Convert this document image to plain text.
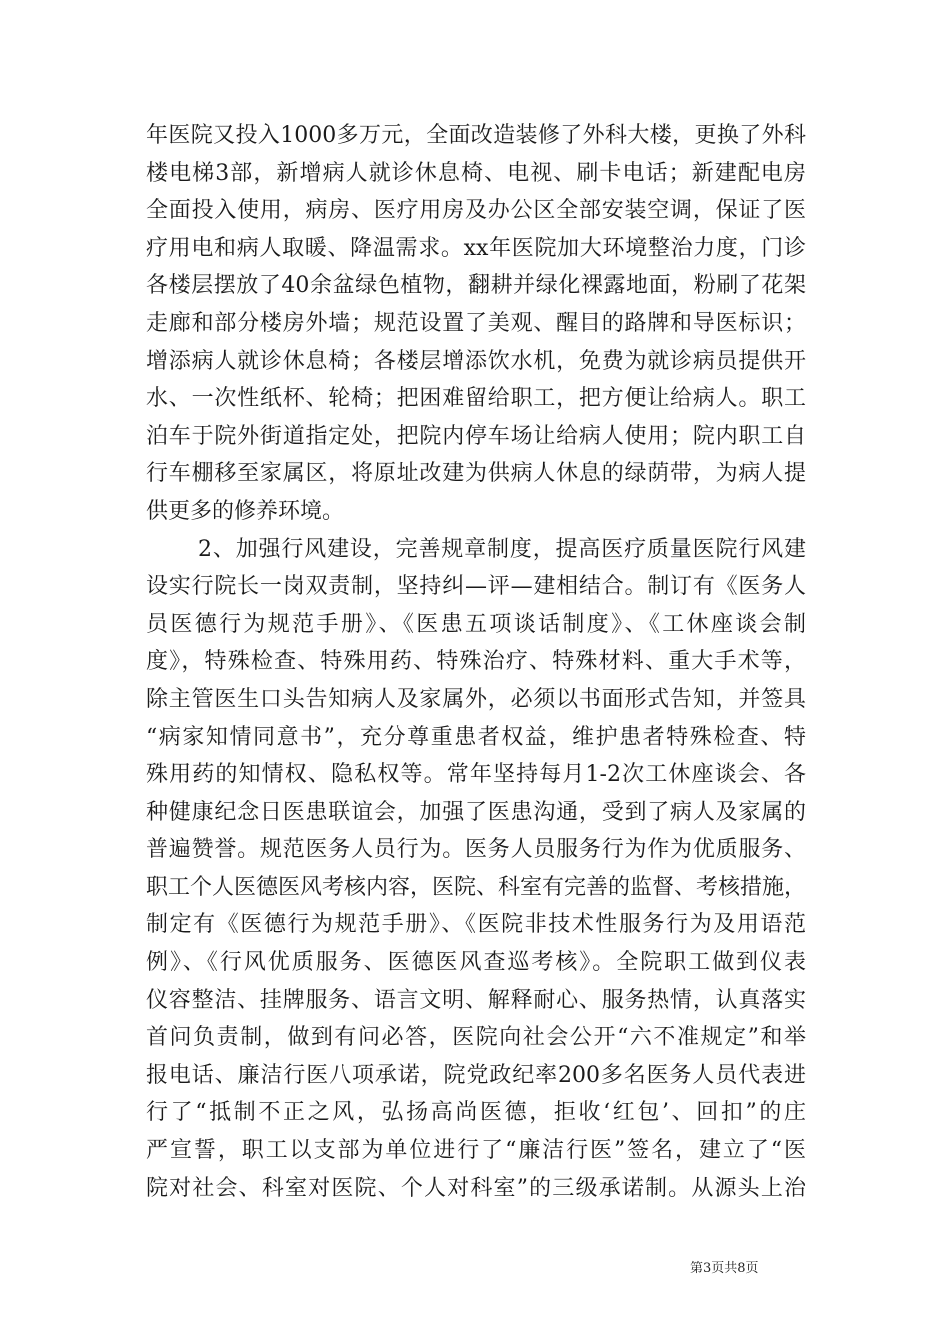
年医院又投入1000多万元，全面改造装修了外科大楼，更换了外科
楼电梯3部，新增病人就诊休息椅、电视、刷卡电话；新建配电房
全面投入使用，病房、医疗用房及办公区全部安装空调，保证了医
疗用电和病人取暖、降温需求。xx年医院加大环境整治力度，门诊
各楼层摆放了40余盆绿色植物，翻耕并绿化裸露地面，粉刷了花架
走廊和部分楼房外墙；规范设置了美观、醒目的路牌和导医标识；
增添病人就诊休息椅；各楼层增添饮水机，免费为就诊病员提供开
水、一次性纸杯、轮椅；把困难留给职工，把方便让给病人。职工
泊车于院外街道指定处，把院内停车场让给病人使用；院内职工自
行车棚移至家属区，将原址改建为供病人休息的绿荫带，为病人提
供更多的修养环境。
2、加强行风建设，完善规章制度，提高医疗质量医院行风建
设实行院长一岗双责制，坚持纠—评—建相结合。制订有《医务人
员医德行为规范手册》、《医患五项谈话制度》、《工休座谈会制
度》，特殊检查、特殊用药、特殊治疗、特殊材料、重大手术等，
除主管医生口头告知病人及家属外，必须以书面形式告知，并签具
“病家知情同意书”，充分尊重患者权益，维护患者特殊检查、特
殊用药的知情权、隐私权等。常年坚持每月1-2次工休座谈会、各
种健康纪念日医患联谊会，加强了医患沟通，受到了病人及家属的
普遍赞誉。规范医务人员行为。医务人员服务行为作为优质服务、
职工个人医德医风考核内容，医院、科室有完善的监督、考核措施，
制定有《医德行为规范手册》、《医院非技术性服务行为及用语范
例》、《行风优质服务、医德医风查巡考核》。全院职工做到仪表
仪容整洁、挂牌服务、语言文明、解释耐心、服务热情，认真落实
首问负责制，做到有问必答，医院向社会公开“六不准规定”和举
报电话、廉洁行医八项承诺，院党政纪率200多名医务人员代表进
行了“抵制不正之风，弘扬高尚医德，拒收‘红包’、回扣”的庄
严宣誓，职工以支部为单位进行了“廉洁行医”签名，建立了“医
院对社会、科室对医院、个人对科室”的三级承诺制。从源头上治
第3页共8页
